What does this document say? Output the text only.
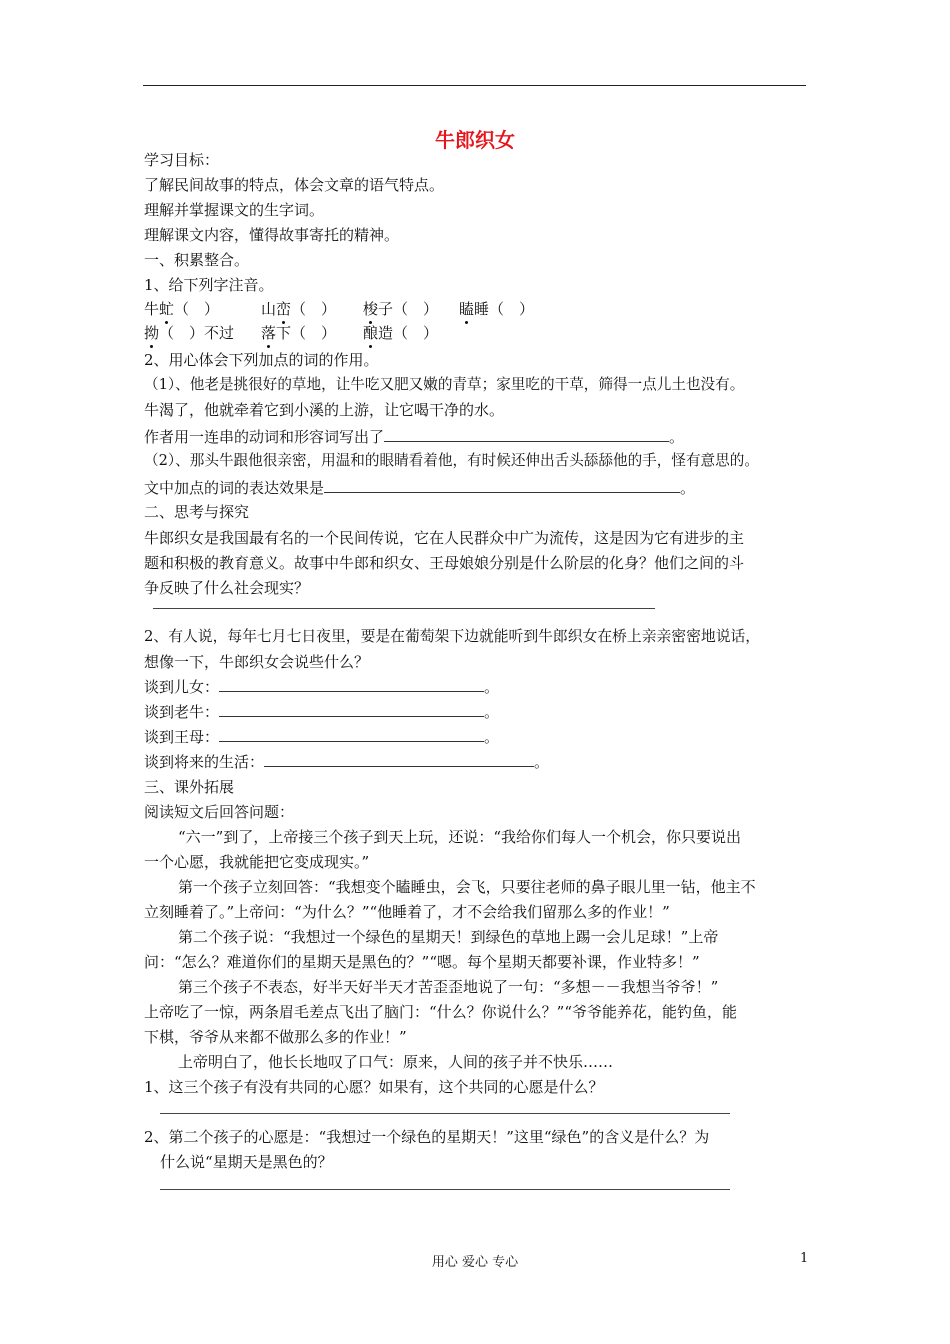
牛郎织女
学习目标：
了解民间故事的特点，体会文章的语气特点。
理解并掌握课文的生字词。
理解课文内容，懂得故事寄托的精神。
一、积累整合。
1、给下列字注音。
牛虻（　）	山峦（　） 梭子（　） 瞌睡（　）
拗（　）不过 落下（　） 酿造（　）
2、用心体会下列加点的词的作用。
（1）、他老是挑很好的草地，让牛吃又肥又嫩的青草；家里吃的干草，筛得一点儿土也没有。
牛渴了，他就牵着它到小溪的上游，让它喝干净的水。
作者用一连串的动词和形容词写出了	。
（2）、那头牛跟他很亲密，用温和的眼睛看着他，有时候还伸出舌头舔舔他的手，怪有意思的。
文中加点的词的表达效果是	。
二、思考与探究
牛郎织女是我国最有名的一个民间传说，它在人民群众中广为流传，这是因为它有进步的主
题和积极的教育意义。故事中牛郎和织女、王母娘娘分别是什么阶层的化身？他们之间的斗
争反映了什么社会现实？
2、有人说，每年七月七日夜里，要是在葡萄架下边就能听到牛郎织女在桥上亲亲密密地说话，
想像一下，牛郎织女会说些什么？
谈到儿女：	。
谈到老牛：	。
谈到王母：	。
谈到将来的生活：	。
三、课外拓展
阅读短文后回答问题：
“六一”到了，上帝接三个孩子到天上玩，还说：“我给你们每人一个机会，你只要说出
一个心愿，我就能把它变成现实。”
第一个孩子立刻回答：“我想变个瞌睡虫，会飞，只要往老师的鼻子眼儿里一钻，他主不
立刻睡着了。”上帝问：“为什么？”“他睡着了，才不会给我们留那么多的作业！”
第二个孩子说：“我想过一个绿色的星期天！到绿色的草地上踢一会儿足球！”上帝
问：“怎么？难道你们的星期天是黑色的？”“嗯。每个星期天都要补课，作业特多！”
第三个孩子不表态，好半天好半天才苦歪歪地说了一句：“多想－－我想当爷爷！”
上帝吃了一惊，两条眉毛差点飞出了脑门：“什么？你说什么？”“爷爷能养花，能钓鱼，能
下棋，爷爷从来都不做那么多的作业！”
上帝明白了，他长长地叹了口气：原来，人间的孩子并不快乐……
1、这三个孩子有没有共同的心愿？如果有，这个共同的心愿是什么？
2、第二个孩子的心愿是：“我想过一个绿色的星期天！”这里“绿色”的含义是什么？为
什么说“星期天是黑色的？
用心 爱心 专心	1
